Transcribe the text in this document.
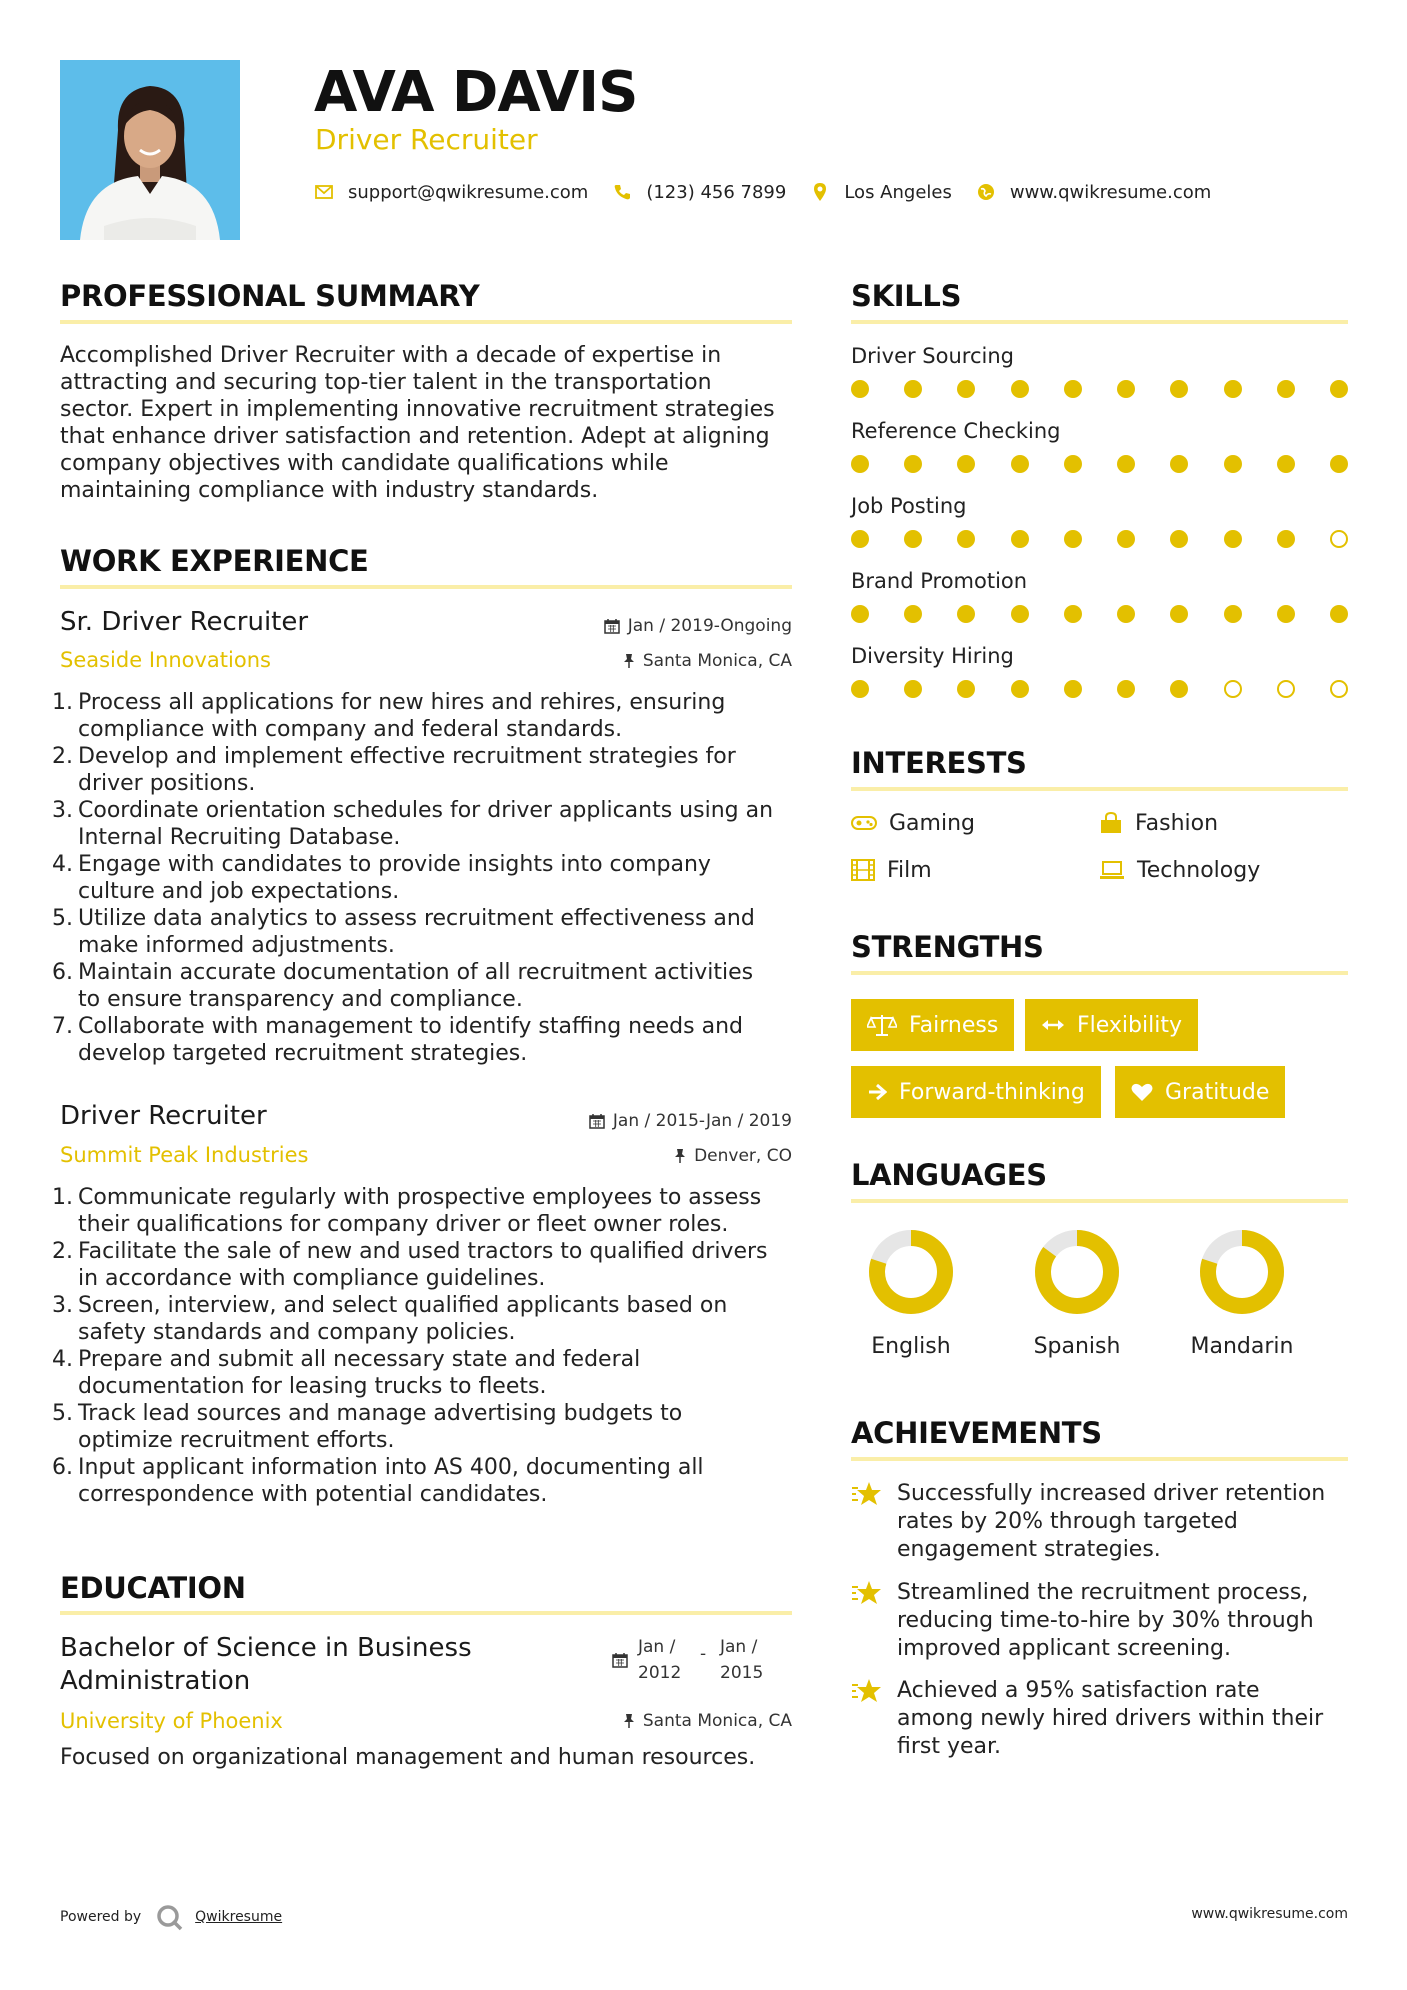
AVA DAVIS
Driver Recruiter
support@qwikresume.com	(123) 456 7899	Los Angeles	www.qwikresume.com
PROFESSIONAL SUMMARY
Accomplished Driver Recruiter with a decade of expertise in
attracting and securing top-tier talent in the transportation
sector. Expert in implementing innovative recruitment strategies
that enhance driver satisfaction and retention. Adept at aligning
company objectives with candidate qualifications while
maintaining compliance with industry standards.
WORK EXPERIENCE
Sr. Driver Recruiter	Jan / 2019-Ongoing
Seaside Innovations	Santa Monica, CA
1. Process all applications for new hires and rehires, ensuring
compliance with company and federal standards.
2. Develop and implement effective recruitment strategies for
driver positions.
3. Coordinate orientation schedules for driver applicants using an
Internal Recruiting Database.
4. Engage with candidates to provide insights into company
culture and job expectations.
5. Utilize data analytics to assess recruitment effectiveness and
make informed adjustments.
6. Maintain accurate documentation of all recruitment activities
to ensure transparency and compliance.
7. Collaborate with management to identify staffing needs and
develop targeted recruitment strategies.
Driver Recruiter	Jan / 2015-Jan / 2019
Summit Peak Industries	Denver, CO
1. Communicate regularly with prospective employees to assess
their qualifications for company driver or fleet owner roles.
2. Facilitate the sale of new and used tractors to qualified drivers
in accordance with compliance guidelines.
3. Screen, interview, and select qualified applicants based on
safety standards and company policies.
4. Prepare and submit all necessary state and federal
documentation for leasing trucks to fleets.
5. Track lead sources and manage advertising budgets to
optimize recruitment efforts.
6. Input applicant information into AS 400, documenting all
correspondence with potential candidates.
EDUCATION
Bachelor of Science in Business
Administration
Jan /
2012
- Jan /
2015
University of Phoenix	Santa Monica, CA
Focused on organizational management and human resources.
SKILLS
Driver Sourcing
Reference Checking
Job Posting
Brand Promotion
Diversity Hiring
INTERESTS
Gaming	Fashion
Film	Technology
STRENGTHS
Fairness	Flexibility
Forward-thinking	Gratitude
LANGUAGES
English	Spanish	Mandarin
ACHIEVEMENTS
Successfully increased driver retention
rates by 20% through targeted
engagement strategies.
Streamlined the recruitment process,
reducing time-to-hire by 30% through
improved applicant screening.
Achieved a 95% satisfaction rate
among newly hired drivers within their
first year.
Powered by	Qwikresume	www.qwikresume.com
